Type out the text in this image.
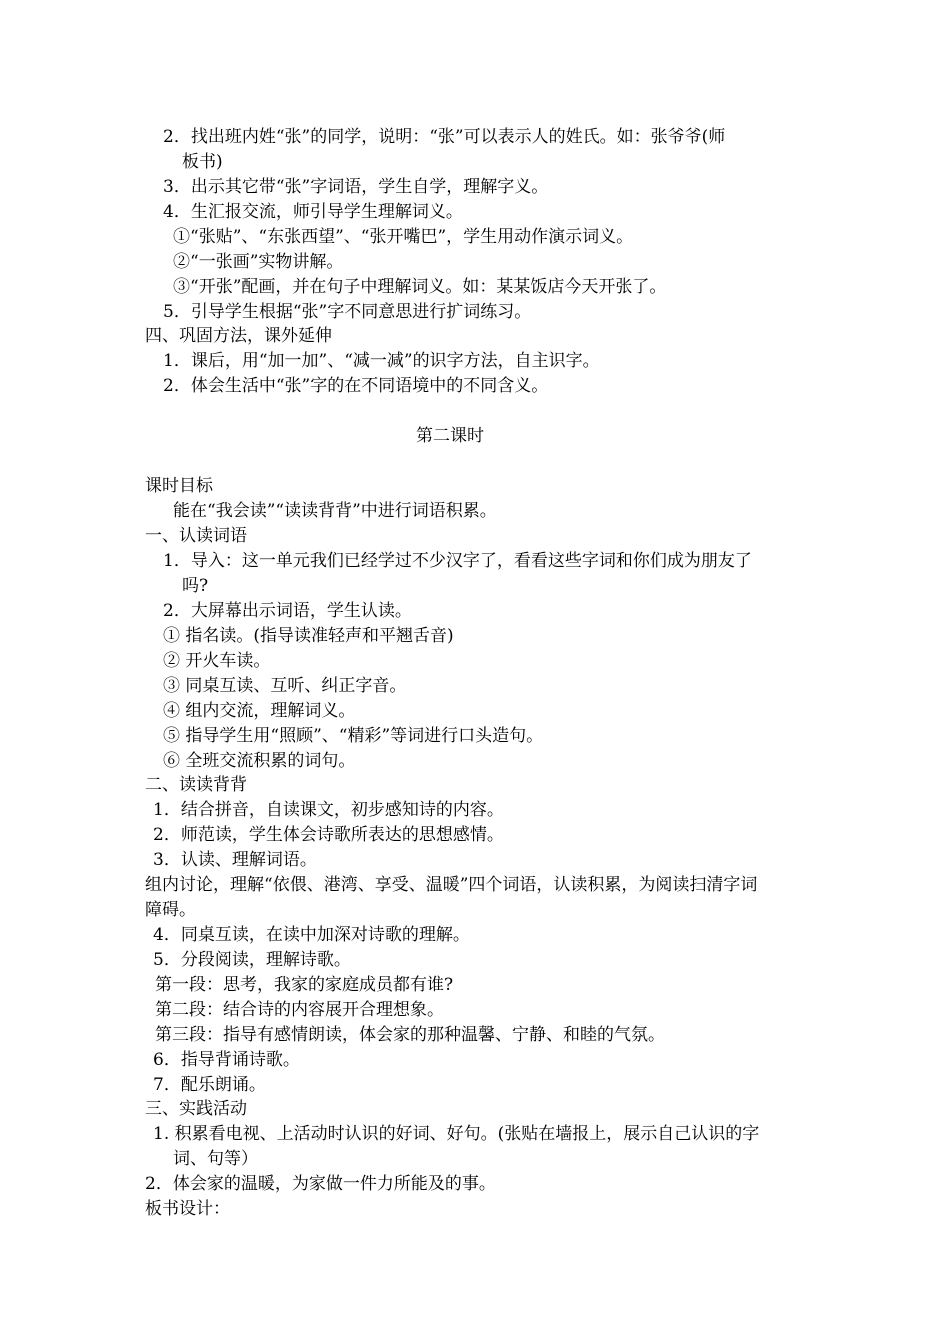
2．找出班内姓“张”的同学，说明：“张”可以表示人的姓氏。如：张爷爷(师
板书)
3．出示其它带“张”字词语，学生自学，理解字义。
4．生汇报交流，师引导学生理解词义。
①“张贴”、“东张西望”、“张开嘴巴”，学生用动作演示词义。
②“一张画”实物讲解。
③“开张”配画，并在句子中理解词义。如：某某饭店今天开张了。
5．引导学生根据“张”字不同意思进行扩词练习。
四、巩固方法，课外延伸
1．课后，用“加一加”、“减一减”的识字方法，自主识字。
2．体会生活中“张”字的在不同语境中的不同含义。
第二课时
课时目标
能在“我会读”“读读背背”中进行词语积累。
一、认读词语
1．导入：这一单元我们已经学过不少汉字了，看看这些字词和你们成为朋友了
吗?
2．大屏幕出示词语，学生认读。
① 指名读。(指导读准轻声和平翘舌音)
② 开火车读。
③ 同桌互读、互听、纠正字音。
④ 组内交流，理解词义。
⑤ 指导学生用“照顾”、“精彩”等词进行口头造句。
⑥ 全班交流积累的词句。
二、读读背背
1．结合拼音，自读课文，初步感知诗的内容。
2．师范读，学生体会诗歌所表达的思想感情。
3．认读、理解词语。
组内讨论，理解“依偎、港湾、享受、温暖”四个词语，认读积累，为阅读扫清字词
障碍。
4．同桌互读，在读中加深对诗歌的理解。
5．分段阅读，理解诗歌。
第一段：思考，我家的家庭成员都有谁?
第二段：结合诗的内容展开合理想象。
第三段：指导有感情朗读，体会家的那种温馨、宁静、和睦的气氛。
6．指导背诵诗歌。
7．配乐朗诵。
三、实践活动
1. 积累看电视、上活动时认识的好词、好句。(张贴在墙报上，展示自己认识的字
词、句等）
2．体会家的温暖，为家做一件力所能及的事。
板书设计：
